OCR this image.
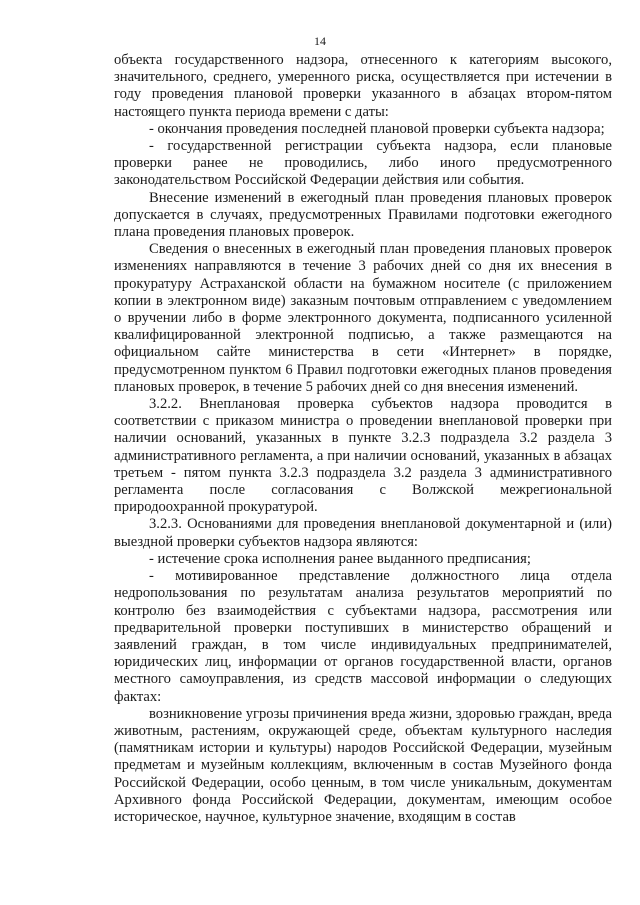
14

объекта государственного надзора, отнесенного к категориям высокого, значительного, среднего, умеренного риска, осуществляется при истечении в году проведения плановой проверки указанного в абзацах втором-пятом настоящего пункта периода времени с даты:

- окончания проведения последней плановой проверки субъекта надзора;

- государственной регистрации субъекта надзора, если плановые проверки ранее не проводились, либо иного предусмотренного законодательством Российской Федерации действия или события.

Внесение изменений в ежегодный план проведения плановых проверок допускается в случаях, предусмотренных Правилами подготовки ежегодного плана проведения плановых проверок.

Сведения о внесенных в ежегодный план проведения плановых проверок изменениях направляются в течение 3 рабочих дней со дня их внесения в прокуратуру Астраханской области на бумажном носителе (с приложением копии в электронном виде) заказным почтовым отправлением с уведомлением о вручении либо в форме электронного документа, подписанного усиленной квалифицированной электронной подписью, а также размещаются на официальном сайте министерства в сети «Интернет» в порядке, предусмотренном пунктом 6 Правил подготовки ежегодных планов проведения плановых проверок, в течение 5 рабочих дней со дня внесения изменений.

3.2.2. Внеплановая проверка субъектов надзора проводится в соответствии с приказом министра о проведении внеплановой проверки при наличии оснований, указанных в пункте 3.2.3 подраздела 3.2 раздела 3 административного регламента, а при наличии оснований, указанных в абзацах третьем - пятом пункта 3.2.3 подраздела 3.2 раздела 3 административного регламента после согласования с Волжской межрегиональной природоохранной прокуратурой.

3.2.3. Основаниями для проведения внеплановой документарной и (или) выездной проверки субъектов надзора являются:

- истечение срока исполнения ранее выданного предписания;

- мотивированное представление должностного лица отдела недропользования по результатам анализа результатов мероприятий по контролю без взаимодействия с субъектами надзора, рассмотрения или предварительной проверки поступивших в министерство обращений и заявлений граждан, в том числе индивидуальных предпринимателей, юридических лиц, информации от органов государственной власти, органов местного самоуправления, из средств массовой информации о следующих фактах:

возникновение угрозы причинения вреда жизни, здоровью граждан, вреда животным, растениям, окружающей среде, объектам культурного наследия (памятникам истории и культуры) народов Российской Федерации, музейным предметам и музейным коллекциям, включенным в состав Музейного фонда Российской Федерации, особо ценным, в том числе уникальным, документам Архивного фонда Российской Федерации, документам, имеющим особое историческое, научное, культурное значение, входящим в состав
